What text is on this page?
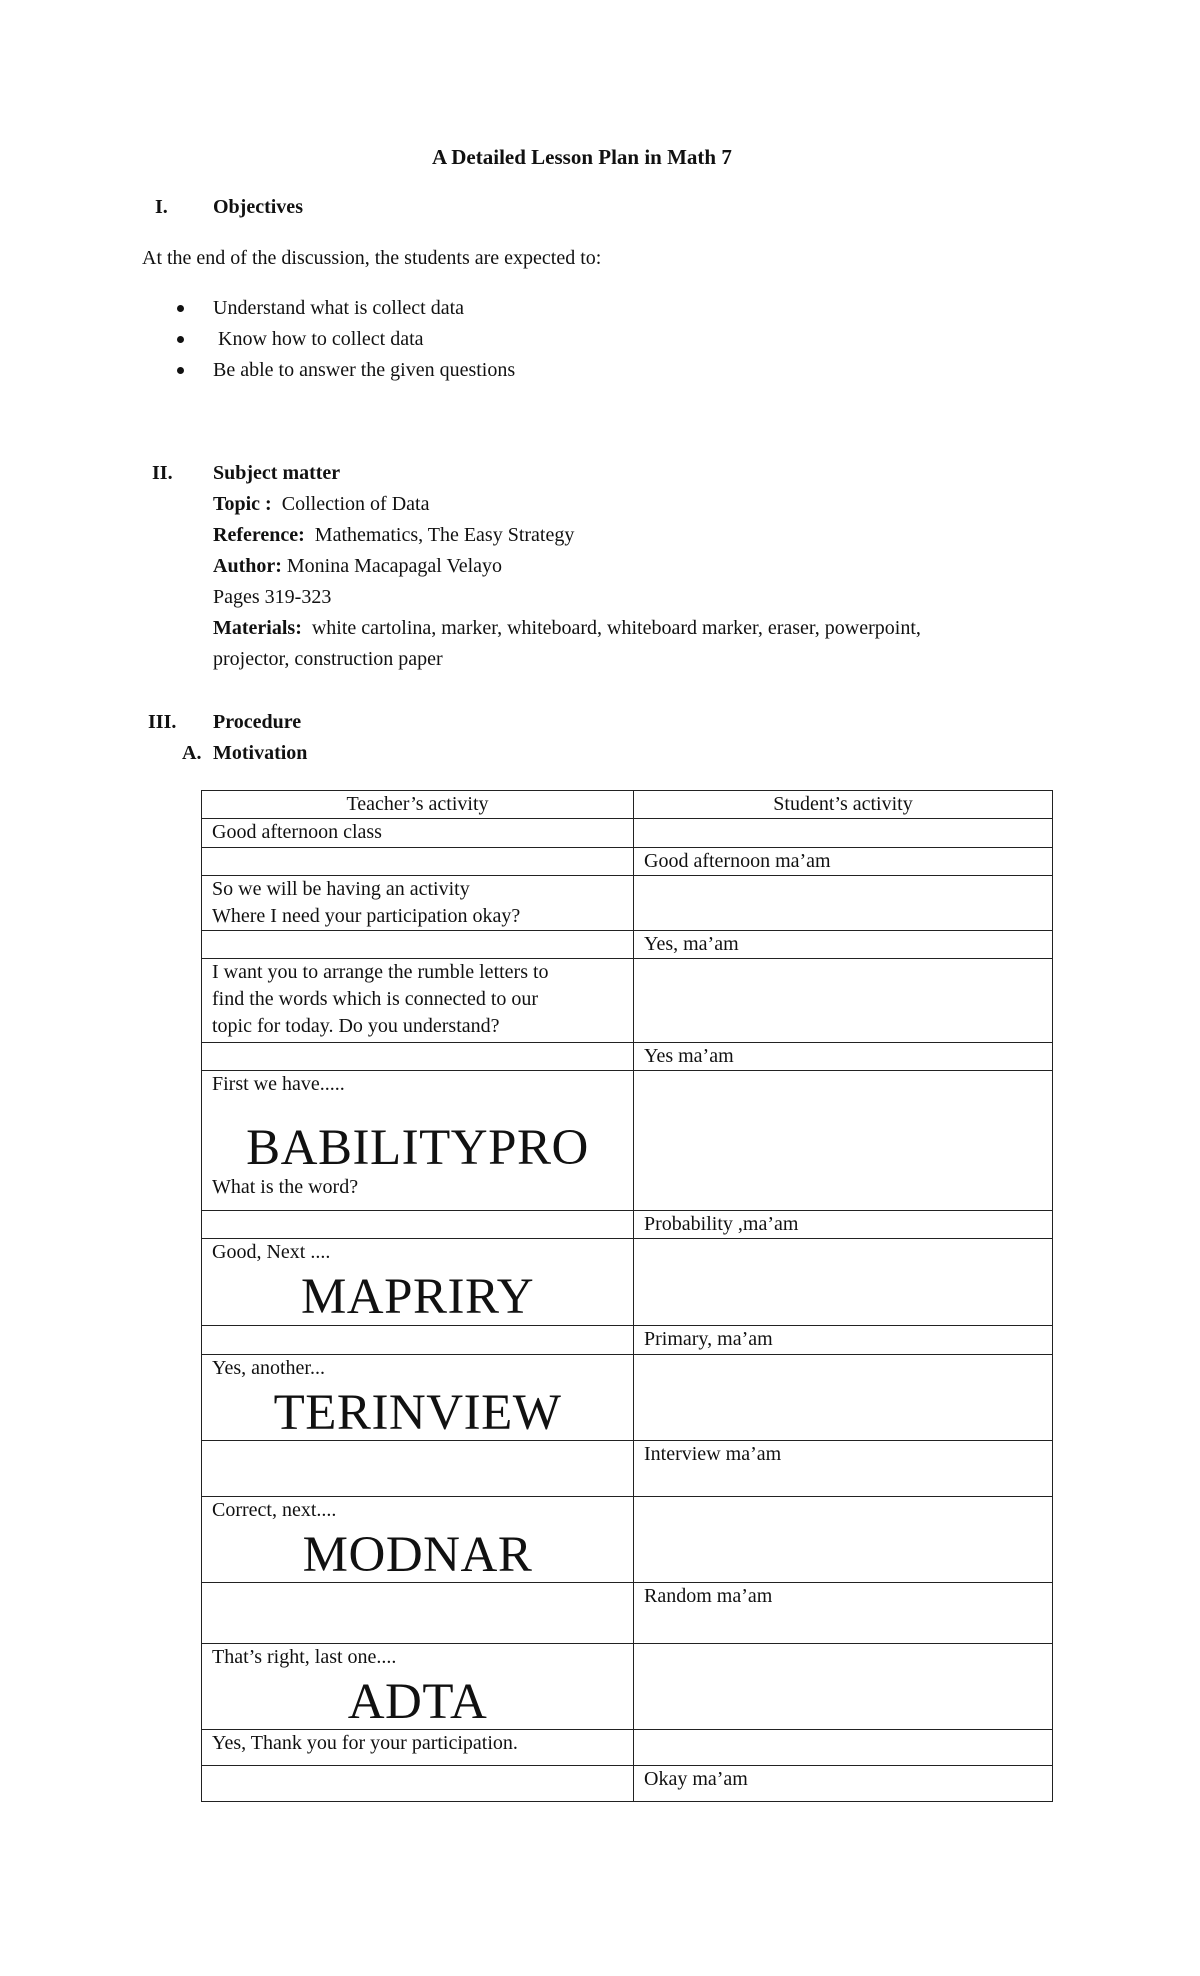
A Detailed Lesson Plan in Math 7
I. Objectives
At the end of the discussion, the students are expected to:
Understand what is collect data
Know how to collect data
Be able to answer the given questions
II. Subject matter
Topic : Collection of Data
Reference: Mathematics, The Easy Strategy
Author: Monina Macapagal Velayo
Pages 319-323
Materials: white cartolina, marker, whiteboard, whiteboard marker, eraser, powerpoint,
projector, construction paper
III. Procedure
A. Motivation
Teacher’s activity	Student’s activity
Good afternoon class	
	Good afternoon ma’am

So we will be having an activity
Where I need your participation okay?	

	Yes, ma’am

I want you to arrange the rumble letters to
find the words which is connected to our
topic for today. Do you understand?	

	Yes ma’am

First we have.....
BABILITYPRO
What is the word?	

	Probability ,ma’am

Good, Next ....
MAPRIRY	

	Primary, ma’am

Yes, another...
TERINVIEW	

	Interview ma’am

Correct, next....
MODNAR	

	Random ma’am

That’s right, last one....
ADTA	

Yes, Thank you for your participation.	
	Okay ma’am
